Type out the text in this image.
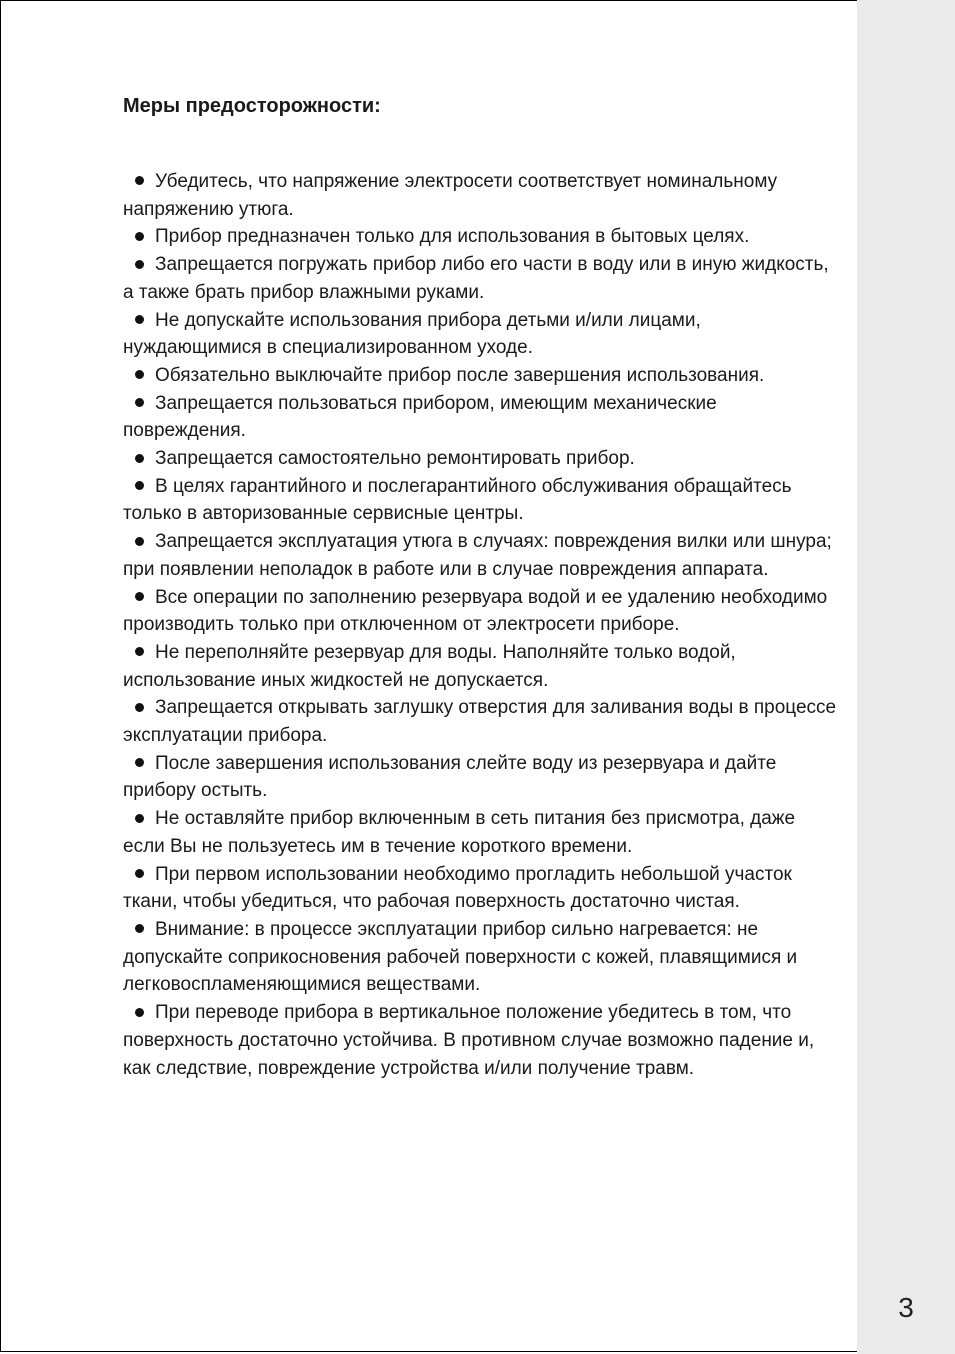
Меры предосторожности:

Убедитесь, что напряжение электросети соответствует номинальному напряжению утюга.

Прибор предназначен только для использования в бытовых целях.

Запрещается погружать прибор либо его части в воду или в иную жидкость, а также брать прибор влажными руками.

Не допускайте использования прибора детьми и/или лицами, нуждающимися в специализированном уходе.

Обязательно выключайте прибор после завершения использования.

Запрещается пользоваться прибором, имеющим механические повреждения.

Запрещается самостоятельно ремонтировать прибор.

В целях гарантийного и послегарантийного обслуживания обращайтесь только в авторизованные сервисные центры.

Запрещается эксплуатация утюга в случаях: повреждения вилки или шнура; при появлении неполадок в работе или в случае повреждения аппарата.

Все операции по заполнению резервуара водой и ее удалению необходимо производить только при отключенном от электросети приборе.

Не переполняйте резервуар для воды. Наполняйте только водой, использование иных жидкостей не допускается.

Запрещается открывать заглушку отверстия для заливания воды в процессе эксплуатации прибора.

После завершения использования слейте воду из резервуара и дайте прибору остыть.

Не оставляйте прибор включенным в сеть питания без присмотра, даже если Вы не пользуетесь им в течение короткого времени.

При первом использовании необходимо прогладить небольшой участок ткани, чтобы убедиться, что рабочая поверхность достаточно чистая.

Внимание: в процессе эксплуатации прибор сильно нагревается: не допускайте соприкосновения рабочей поверхности с кожей, плавящимися и легковоспламеняющимися веществами.

При переводе прибора в вертикальное положение убедитесь в том, что поверхность достаточно устойчива. В противном случае возможно падение и, как следствие, повреждение устройства и/или получение травм.

3
